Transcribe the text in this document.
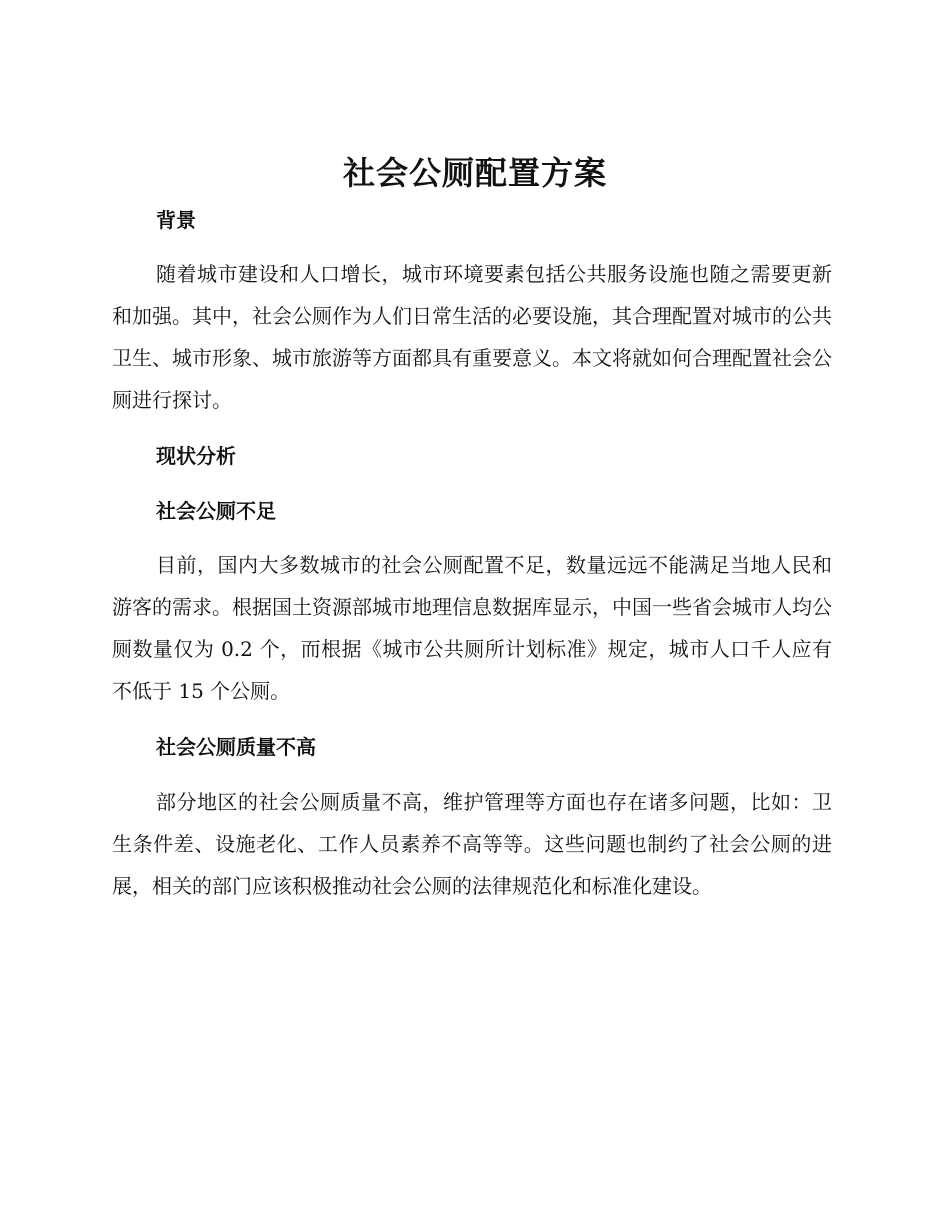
社会公厕配置方案
背景

随着城市建设和人口增长，城市环境要素包括公共服务设施也随之需要更新和加强。其中，社会公厕作为人们日常生活的必要设施，其合理配置对城市的公共卫生、城市形象、城市旅游等方面都具有重要意义。本文将就如何合理配置社会公厕进行探讨。

现状分析
社会公厕不足

目前，国内大多数城市的社会公厕配置不足，数量远远不能满足当地人民和游客的需求。根据国土资源部城市地理信息数据库显示，中国一些省会城市人均公厕数量仅为 0.2 个，而根据《城市公共厕所计划标准》规定，城市人口千人应有不低于 15 个公厕。

社会公厕质量不高

部分地区的社会公厕质量不高，维护管理等方面也存在诸多问题，比如：卫生条件差、设施老化、工作人员素养不高等等。这些问题也制约了社会公厕的进展，相关的部门应该积极推动社会公厕的法律规范化和标准化建设。
